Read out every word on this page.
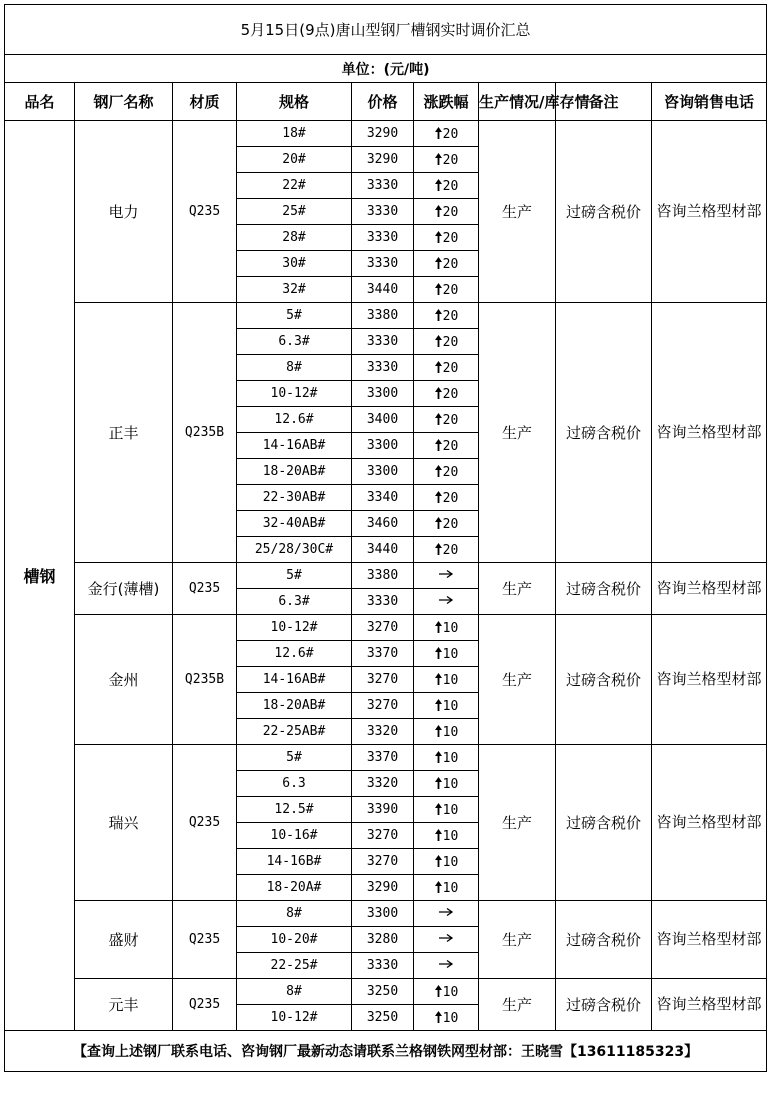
5月15日(9点)唐山型钢厂槽钢实时调价汇总								
单位：(元/吨)								
品名	钢厂名称	材质	规格	价格	涨跌幅	生产情况/库存情	备注	咨询销售电话
槽钢	电力	Q235	18#	3290	20	生产	过磅含税价	咨询兰格型材部
			20#	3290	20			
			22#	3330	20			
			25#	3330	20			
			28#	3330	20			
			30#	3330	20			
			32#	3440	20			
	正丰	Q235B	5#	3380	20	生产	过磅含税价	咨询兰格型材部
			6.3#	3330	20			
			8#	3330	20			
			10-12#	3300	20			
			12.6#	3400	20			
			14-16AB#	3300	20			
			18-20AB#	3300	20			
			22-30AB#	3340	20			
			32-40AB#	3460	20			
			25/28/30C#	3440	20			
	金行(薄槽)	Q235	5#	3380		生产	过磅含税价	咨询兰格型材部
			6.3#	3330	
	金州	Q235B	10-12#	3270	10	生产	过磅含税价	咨询兰格型材部
			12.6#	3370	10			
			14-16AB#	3270	10			
			18-20AB#	3270	10			
			22-25AB#	3320	10			
	瑞兴	Q235	5#	3370	10	生产	过磅含税价	咨询兰格型材部
			6.3	3320	10			
			12.5#	3390	10			
			10-16#	3270	10			
			14-16B#	3270	10			
			18-20A#	3290	10			
	盛财	Q235	8#	3300		生产	过磅含税价	咨询兰格型材部
			10-20#	3280	
			22-25#	3330	
	元丰	Q235	8#	3250	10	生产	过磅含税价	咨询兰格型材部
			10-12#	3250	10			
【查询上述钢厂联系电话、咨询钢厂最新动态请联系兰格钢铁网型材部：王晓雪【13611185323】								
